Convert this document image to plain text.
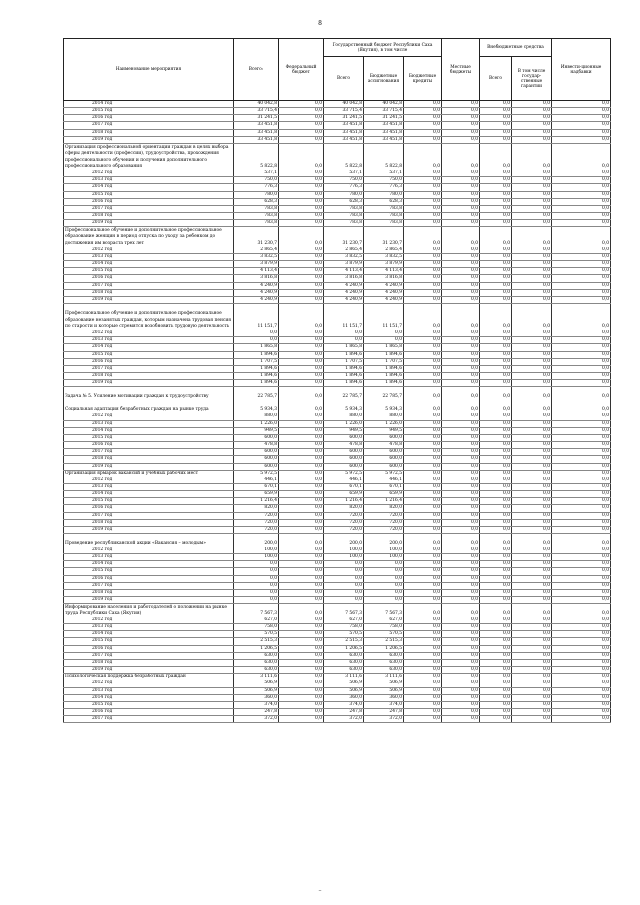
8
Наименование мероприятия	Всего:	Федеральный бюджет	Государственный бюджет Республики Саха (Якутия), в том числе			Местные бюджеты	Внебюджетные средства		Инвести-ционные надбавки
			Всего	Бюджетные ассигнования	Бюджетные кредиты		Всего	В том числе государ-ственные гарантии	
2014 год	40 042,8	0,0	40 042,8	40 042,8	0,0	0,0	0,0	0,0	0,0
2015 год	33 715,4	0,0	33 715,4	33 715,4	0,0	0,0	0,0	0,0	0,0
2016 год	31 241,5	0,0	31 241,5	31 241,5	0,0	0,0	0,0	0,0	0,0
2017 год	33 451,8	0,0	33 451,8	33 451,8	0,0	0,0	0,0	0,0	0,0
2018 год	33 451,8	0,0	33 451,8	33 451,8	0,0	0,0	0,0	0,0	0,0
2019 год	33 451,8	0,0	33 451,8	33 451,8	0,0	0,0	0,0	0,0	0,0
Организация профессиональной ориентации граждан в целях выбора сферы деятельности (профессии), трудоустройства, прохождения профессионального обучения и получения дополнительного профессионального образования	5 822,8	0,0	5 822,8	5 822,8	0,0	0,0	0,0	0,0	0,0
2012 год	537,1	0,0	537,1	537,1	0,0	0,0	0,0	0,0	0,0
2013 год	750,0	0,0	750,0	750,0	0,0	0,0	0,0	0,0	0,0
2014 год	776,3	0,0	776,3	776,3	0,0	0,0	0,0	0,0	0,0
2015 год	780,0	0,0	780,0	780,0	0,0	0,0	0,0	0,0	0,0
2016 год	628,3	0,0	628,3	628,3	0,0	0,0	0,0	0,0	0,0
2017 год	783,8	0,0	783,8	783,8	0,0	0,0	0,0	0,0	0,0
2018 год	783,8	0,0	783,8	783,8	0,0	0,0	0,0	0,0	0,0
2019 год	783,8	0,0	783,8	783,8	0,0	0,0	0,0	0,0	0,0
Профессиональное обучение и дополнительное профессиональное образование женщин в период отпуска по уходу за ребенком до достижения им возраста трех лет	31 230,7	0,0	31 230,7	31 230,7	0,0	0,0	0,0	0,0	0,0
2012 год	2 865,4	0,0	2 865,4	2 865,4	0,0	0,0	0,0	0,0	0,0
2013 год	3 832,5	0,0	3 832,5	3 832,5	0,0	0,0	0,0	0,0	0,0
2014 год	3 879,9	0,0	3 879,9	3 879,9	0,0	0,0	0,0	0,0	0,0
2015 год	4 113,4	0,0	4 113,4	4 113,4	0,0	0,0	0,0	0,0	0,0
2016 год	3 816,8	0,0	3 816,8	3 816,8	0,0	0,0	0,0	0,0	0,0
2017 год	4 240,9	0,0	4 240,9	4 240,9	0,0	0,0	0,0	0,0	0,0
2018 год	4 240,9	0,0	4 240,9	4 240,9	0,0	0,0	0,0	0,0	0,0
2019 год	4 240,9	0,0	4 240,9	4 240,9	0,0	0,0	0,0	0,0	0,0
Профессиональное обучение и дополнительное профессиональное образование незанятых граждан, которым назначена трудовая пенсия по старости и которые стремятся возобновить трудовую деятельность	11 151,7	0,0	11 151,7	11 151,7	0,0	0,0	0,0	0,0	0,0
2012 год	0,0	0,0	0,0	0,0	0,0	0,0	0,0	0,0	0,0
2013 год	0,0	0,0	0,0	0,0	0,0	0,0	0,0	0,0	0,0
2014 год	1 865,8	0,0	1 865,8	1 865,8	0,0	0,0	0,0	0,0	0,0
2015 год	1 894,6	0,0	1 894,6	1 894,6	0,0	0,0	0,0	0,0	0,0
2016 год	1 707,5	0,0	1 707,5	1 707,5	0,0	0,0	0,0	0,0	0,0
2017 год	1 894,6	0,0	1 894,6	1 894,6	0,0	0,0	0,0	0,0	0,0
2018 год	1 894,6	0,0	1 894,6	1 894,6	0,0	0,0	0,0	0,0	0,0
2019 год	1 894,6	0,0	1 894,6	1 894,6	0,0	0,0	0,0	0,0	0,0
Задача № 5. Усиление мотивации граждан к трудоустройству	22 785,7	0,0	22 785,7	22 785,7	0,0	0,0	0,0	0,0	0,0
Социальная адаптация безработных граждан на рынке труда	5 934,3	0,0	5 934,3	5 934,3	0,0	0,0	0,0	0,0	0,0
2012 год	880,0	0,0	880,0	880,0	0,0	0,0	0,0	0,0	0,0
2013 год	1 226,0	0,0	1 226,0	1 226,0	0,0	0,0	0,0	0,0	0,0
2014 год	949,5	0,0	949,5	949,5	0,0	0,0	0,0	0,0	0,0
2015 год	600,0	0,0	600,0	600,0	0,0	0,0	0,0	0,0	0,0
2016 год	478,8	0,0	478,8	478,8	0,0	0,0	0,0	0,0	0,0
2017 год	600,0	0,0	600,0	600,0	0,0	0,0	0,0	0,0	0,0
2018 год	600,0	0,0	600,0	600,0	0,0	0,0	0,0	0,0	0,0
2019 год	600,0	0,0	600,0	600,0	0,0	0,0	0,0	0,0	0,0
Организация ярмарок вакансий и учебных рабочих мест	5 972,5	0,0	5 972,5	5 972,5	0,0	0,0	0,0	0,0	0,0
2012 год	446,1	0,0	446,1	446,1	0,0	0,0	0,0	0,0	0,0
2013 год	670,1	0,0	670,1	670,1	0,0	0,0	0,0	0,0	0,0
2014 год	659,9	0,0	659,9	659,9	0,0	0,0	0,0	0,0	0,0
2015 год	1 216,4	0,0	1 216,4	1 216,4	0,0	0,0	0,0	0,0	0,0
2016 год	820,0	0,0	820,0	820,0	0,0	0,0	0,0	0,0	0,0
2017 год	720,0	0,0	720,0	720,0	0,0	0,0	0,0	0,0	0,0
2018 год	720,0	0,0	720,0	720,0	0,0	0,0	0,0	0,0	0,0
2019 год	720,0	0,0	720,0	720,0	0,0	0,0	0,0	0,0	0,0
Проведение республиканской акции «Вакансия – молодым»	200,0	0,0	200,0	200,0	0,0	0,0	0,0	0,0	0,0
2012 год	100,0	0,0	100,0	100,0	0,0	0,0	0,0	0,0	0,0
2013 год	100,0	0,0	100,0	100,0	0,0	0,0	0,0	0,0	0,0
2014 год	0,0	0,0	0,0	0,0	0,0	0,0	0,0	0,0	0,0
2015 год	0,0	0,0	0,0	0,0	0,0	0,0	0,0	0,0	0,0
2016 год	0,0	0,0	0,0	0,0	0,0	0,0	0,0	0,0	0,0
2017 год	0,0	0,0	0,0	0,0	0,0	0,0	0,0	0,0	0,0
2018 год	0,0	0,0	0,0	0,0	0,0	0,0	0,0	0,0	0,0
2019 год	0,0	0,0	0,0	0,0	0,0	0,0	0,0	0,0	0,0
Информирование населения и работодателей о положении на рынке труда Республики Саха (Якутия)	7 567,3	0,0	7 567,3	7 567,3	0,0	0,0	0,0	0,0	0,0
2012 год	627,0	0,0	627,0	627,0	0,0	0,0	0,0	0,0	0,0
2013 год	758,0	0,0	758,0	758,0	0,0	0,0	0,0	0,0	0,0
2014 год	570,5	0,0	570,5	570,5	0,0	0,0	0,0	0,0	0,0
2015 год	2 515,3	0,0	2 515,3	2 515,3	0,0	0,0	0,0	0,0	0,0
2016 год	1 206,5	0,0	1 206,5	1 206,5	0,0	0,0	0,0	0,0	0,0
2017 год	630,0	0,0	630,0	630,0	0,0	0,0	0,0	0,0	0,0
2018 год	630,0	0,0	630,0	630,0	0,0	0,0	0,0	0,0	0,0
2019 год	630,0	0,0	630,0	630,0	0,0	0,0	0,0	0,0	0,0
Психологическая поддержка безработных граждан	3 111,6	0,0	3 111,6	3 111,6	0,0	0,0	0,0	0,0	0,0
2012 год	506,9	0,0	506,9	506,9	0,0	0,0	0,0	0,0	0,0
2013 год	506,9	0,0	506,9	506,9	0,0	0,0	0,0	0,0	0,0
2014 год	360,0	0,0	360,0	360,0	0,0	0,0	0,0	0,0	0,0
2015 год	374,0	0,0	374,0	374,0	0,0	0,0	0,0	0,0	0,0
2016 год	247,8	0,0	247,8	247,8	0,0	0,0	0,0	0,0	0,0
2017 год	372,0	0,0	372,0	372,0	0,0	0,0	0,0	0,0	0,0
–
